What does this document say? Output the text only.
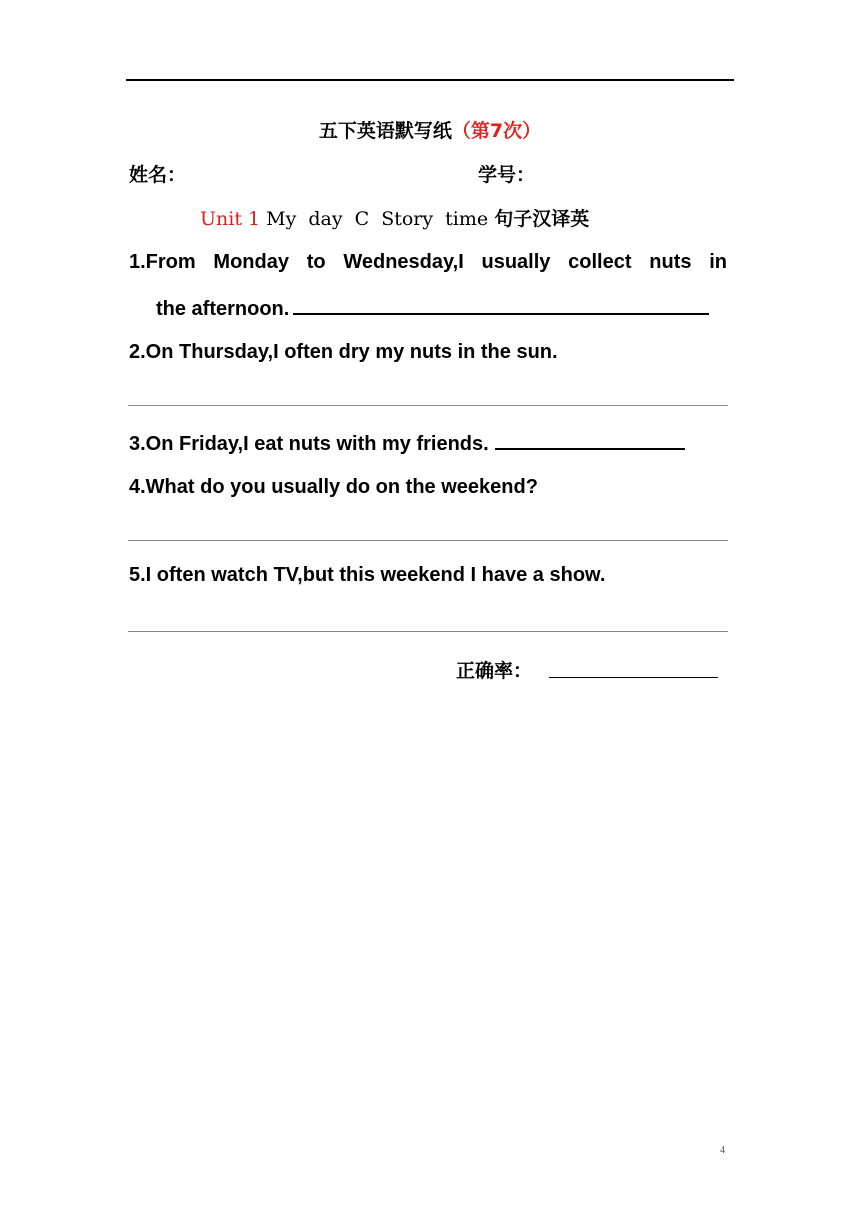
五下英语默写纸（第7次）
姓名：	学号：
Unit 1 My day C Story time 句子汉译英
1.From Monday to Wednesday,I usually collect nuts in
the afternoon.
2.On Thursday,I often dry my nuts in the sun.
3.On Friday,I eat nuts with my friends.
4.What do you usually do on the weekend?
5.I often watch TV,but this weekend I have a show.
正确率：
4
